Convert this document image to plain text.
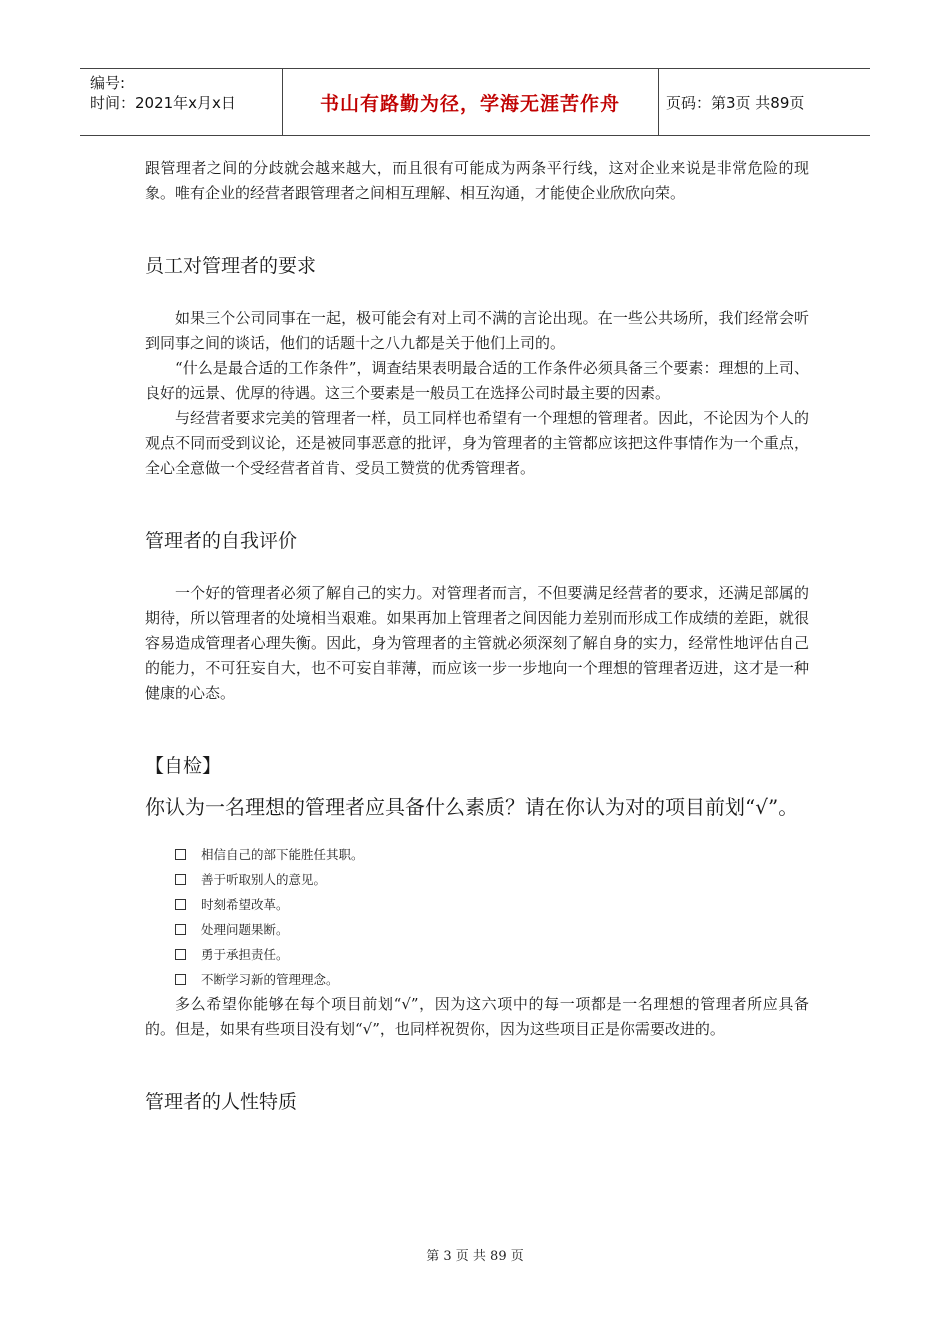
编号:
时间：2021年x月x日	书山有路勤为径，学海无涯苦作舟	页码：第3页 共89页

跟管理者之间的分歧就会越来越大，而且很有可能成为两条平行线，这对企业来说是非常危险的现象。唯有企业的经营者跟管理者之间相互理解、相互沟通，才能使企业欣欣向荣。

员工对管理者的要求

如果三个公司同事在一起，极可能会有对上司不满的言论出现。在一些公共场所，我们经常会听到同事之间的谈话，他们的话题十之八九都是关于他们上司的。

“什么是最合适的工作条件”，调查结果表明最合适的工作条件必须具备三个要素：理想的上司、良好的远景、优厚的待遇。这三个要素是一般员工在选择公司时最主要的因素。

与经营者要求完美的管理者一样，员工同样也希望有一个理想的管理者。因此，不论因为个人的观点不同而受到议论，还是被同事恶意的批评，身为管理者的主管都应该把这件事情作为一个重点，全心全意做一个受经营者首肯、受员工赞赏的优秀管理者。

管理者的自我评价

一个好的管理者必须了解自己的实力。对管理者而言，不但要满足经营者的要求，还满足部属的期待，所以管理者的处境相当艰难。如果再加上管理者之间因能力差别而形成工作成绩的差距，就很容易造成管理者心理失衡。因此，身为管理者的主管就必须深刻了解自身的实力，经常性地评估自己的能力，不可狂妄自大，也不可妄自菲薄，而应该一步一步地向一个理想的管理者迈进，这才是一种健康的心态。

【自检】
你认为一名理想的管理者应具备什么素质？请在你认为对的项目前划“√”。
相信自己的部下能胜任其职。
善于听取别人的意见。
时刻希望改革。
处理问题果断。
勇于承担责任。
不断学习新的管理理念。

多么希望你能够在每个项目前划“√”，因为这六项中的每一项都是一名理想的管理者所应具备的。但是，如果有些项目没有划“√”，也同样祝贺你，因为这些项目正是你需要改进的。

管理者的人性特质
第 3 页 共 89 页
